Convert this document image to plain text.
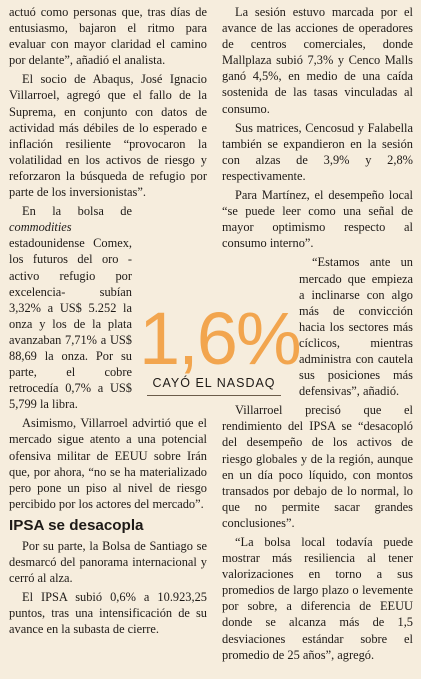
actuó como personas que, tras días de entusiasmo, bajaron el ritmo para evaluar con mayor claridad el camino por delante”, añadió el analista.

El socio de Abaqus, José Ignacio Villarroel, agregó que el fallo de la Suprema, en conjunto con datos de actividad más débiles de lo esperado e inflación resiliente “provocaron la volatilidad en los activos de riesgo y reforzaron la búsqueda de refugio por parte de los inversionistas”.

En la bolsa de commodities estadounidense Comex, los futuros del oro -activo refugio por excelencia- subían 3,32% a US$ 5.252 la onza y los de la plata avanzaban 7,71% a US$ 88,69 la onza. Por su parte, el cobre retrocedía 0,7% a US$ 5,799 la libra.

Asimismo, Villarroel advirtió que el mercado sigue atento a una potencial ofensiva militar de EEUU sobre Irán que, por ahora, “no se ha materializado pero pone un piso al nivel de riesgo percibido por los actores del mercado”.

IPSA se desacopla

Por su parte, la Bolsa de Santiago se desmarcó del panorama internacional y cerró al alza.

El IPSA subió 0,6% a 10.923,25 puntos, tras una intensificación de su avance en la subasta de cierre.

La sesión estuvo marcada por el avance de las acciones de operadores de centros comerciales, donde Mallplaza subió 7,3% y Cenco Malls ganó 4,5%, en medio de una caída sostenida de las tasas vinculadas al consumo.

Sus matrices, Cencosud y Falabella también se expandieron en la sesión con alzas de 3,9% y 2,8% respectivamente.

Para Martínez, el desempeño local “se puede leer como una señal de mayor optimismo respecto al consumo interno”.

“Estamos ante un mercado que empieza a inclinarse con algo más de convicción hacia los sectores más cíclicos, mientras administra con cautela sus posiciones más defensivas”, añadió.

Villarroel precisó que el rendimiento del IPSA se “desacopló del desempeño de los activos de riesgo globales y de la región, aunque en un día poco líquido, con montos transados por debajo de lo normal, lo que no permite sacar grandes conclusiones”.

“La bolsa local todavía puede mostrar más resiliencia al tener valorizaciones en torno a sus promedios de largo plazo o levemente por sobre, a diferencia de EEUU donde se alcanza más de 1,5 desviaciones estándar sobre el promedio de 25 años”, agregó.

1,6%
CAYÓ EL NASDAQ
